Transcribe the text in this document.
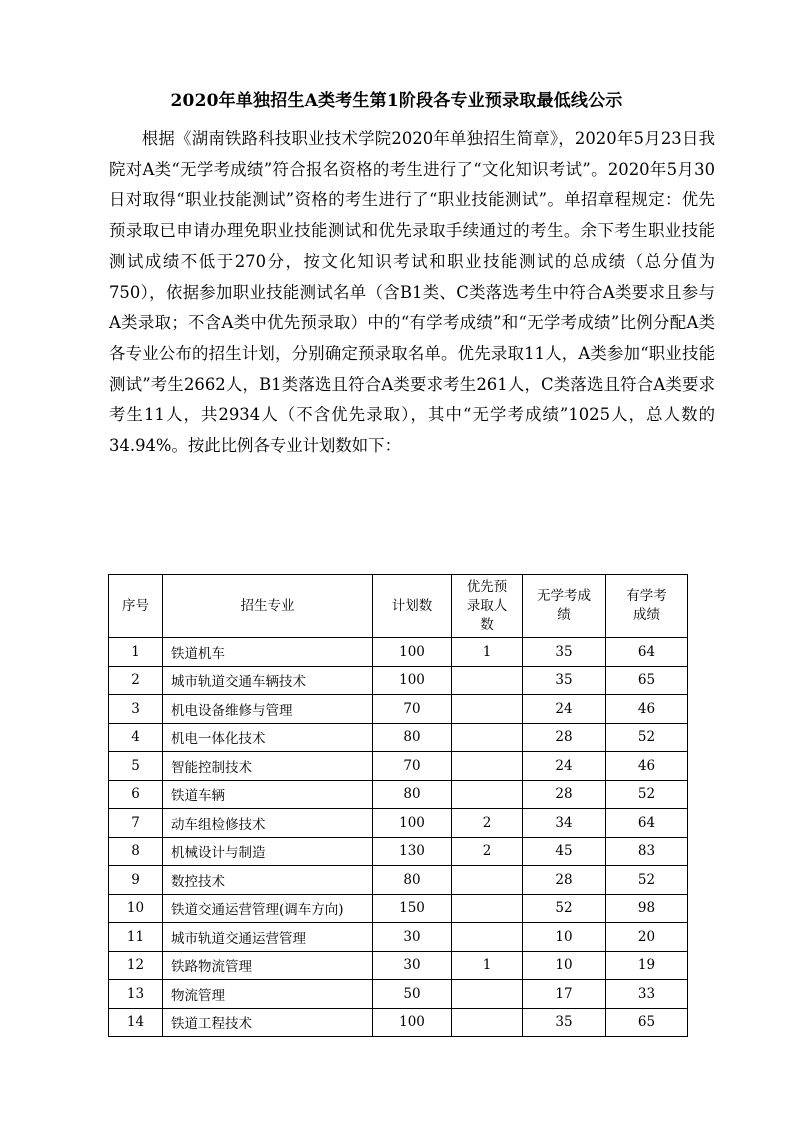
2020年单独招生A类考生第1阶段各专业预录取最低线公示

根据《湖南铁路科技职业技术学院2020年单独招生简章》，2020年5月23日我院对A类“无学考成绩”符合报名资格的考生进行了“文化知识考试”。2020年5月30日对取得“职业技能测试”资格的考生进行了“职业技能测试”。单招章程规定：优先预录取已申请办理免职业技能测试和优先录取手续通过的考生。余下考生职业技能测试成绩不低于270分，按文化知识考试和职业技能测试的总成绩（总分值为750），依据参加职业技能测试名单（含B1类、C类落选考生中符合A类要求且参与A类录取；不含A类中优先预录取）中的“有学考成绩”和“无学考成绩”比例分配A类各专业公布的招生计划，分别确定预录取名单。优先录取11人，A类参加“职业技能测试”考生2662人，B1类落选且符合A类要求考生261人，C类落选且符合A类要求考生11人，共2934人（不含优先录取），其中“无学考成绩”1025人，总人数的34.94%。按此比例各专业计划数如下：

序号	招生专业	计划数	优先预录取人数	无学考成绩	有学考成绩
1	铁道机车	100	1	35	64
2	城市轨道交通车辆技术	100		35	65
3	机电设备维修与管理	70		24	46
4	机电一体化技术	80		28	52
5	智能控制技术	70		24	46
6	铁道车辆	80		28	52
7	动车组检修技术	100	2	34	64
8	机械设计与制造	130	2	45	83
9	数控技术	80		28	52
10	铁道交通运营管理(调车方向)	150		52	98
11	城市轨道交通运营管理	30		10	20
12	铁路物流管理	30	1	10	19
13	物流管理	50		17	33
14	铁道工程技术	100		35	65
